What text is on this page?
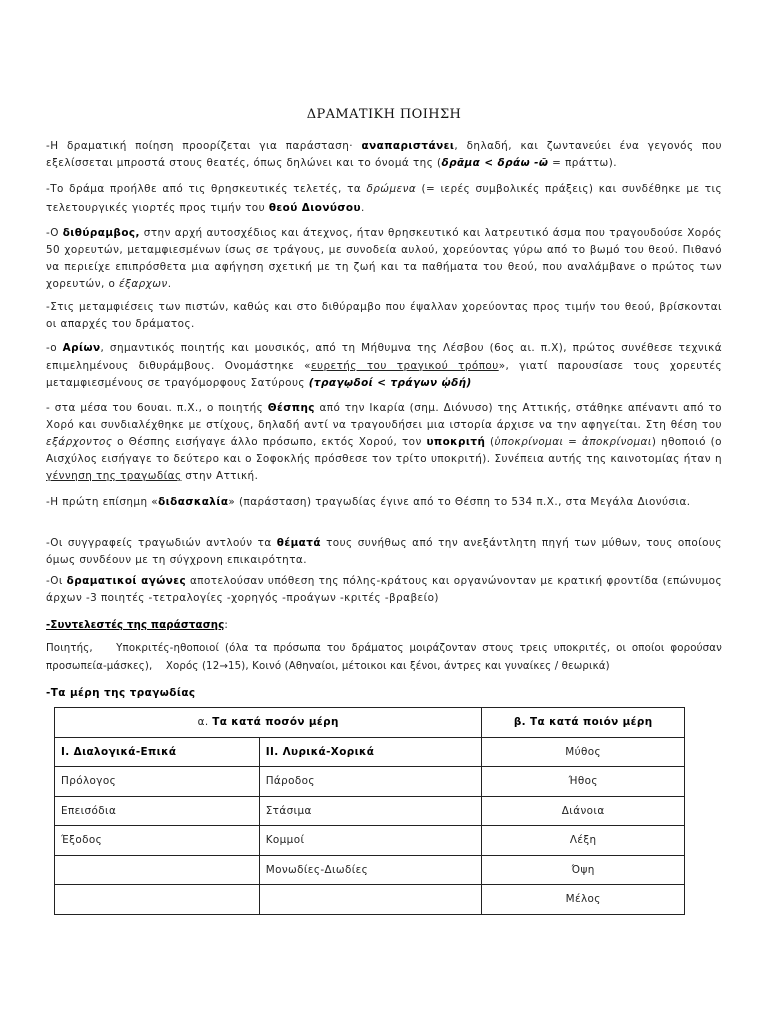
ΔΡΑΜΑΤΙΚΗ ΠΟΙΗΣΗ

-Η δραματική ποίηση προορίζεται για παράσταση· αναπαριστάνει, δηλαδή, και ζωντανεύει ένα γεγονός που εξελίσσεται μπροστά στους θεατές, όπως δηλώνει και το όνομά της (δρᾶμα < δράω -ῶ = πράττω).

-Το δράμα προήλθε από τις θρησκευτικές τελετές, τα δρώμενα (= ιερές συμβολικές πράξεις) και συνδέθηκε με τις τελετουργικές γιορτές προς τιμήν του θεού Διονύσου.

-Ο διθύραμβος, στην αρχή αυτοσχέδιος και άτεχνος, ήταν θρησκευτικό και λατρευτικό άσμα που τραγουδούσε Χορός 50 χορευτών, μεταμφιεσμένων ίσως σε τράγους, με συνοδεία αυλού, χορεύοντας γύρω από το βωμό του θεού. Πιθανό να περιείχε επιπρόσθετα μια αφήγηση σχετική με τη ζωή και τα παθήματα του θεού, που αναλάμβανε ο πρώτος των χορευτών, ο έξαρχων.

-Στις μεταμφιέσεις των πιστών, καθώς και στο διθύραμβο που έψαλλαν χορεύοντας προς τιμήν του θεού, βρίσκονται οι απαρχές του δράματος.

-ο Αρίων, σημαντικός ποιητής και μουσικός, από τη Μήθυμνα της Λέσβου (6ος αι. π.Χ), πρώτος συνέθεσε τεχνικά επιμελημένους διθυράμβους. Ονομάστηκε «ευρετής του τραγικού τρόπου», γιατί παρουσίασε τους χορευτές μεταμφιεσμένους σε τραγόμορφους Σατύρους (τραγῳδοί < τράγων ᾠδή)

- στα μέσα του 6ουαι. π.Χ., ο ποιητής Θέσπης από την Ικαρία (σημ. Διόνυσο) της Αττικής, στάθηκε απέναντι από το Χορό και συνδιαλέχθηκε με στίχους, δηλαδή αντί να τραγουδήσει μια ιστορία άρχισε να την αφηγείται. Στη θέση του εξάρχοντος ο Θέσπης εισήγαγε άλλο πρόσωπο, εκτός Χορού, τον υποκριτή (ὑποκρίνομαι = ἀποκρίνομαι) ηθοποιό (ο Αισχύλος εισήγαγε το δεύτερο και ο Σοφοκλής πρόσθεσε τον τρίτο υποκριτή). Συνέπεια αυτής της καινοτομίας ήταν η γέννηση της τραγωδίας στην Αττική.

-Η πρώτη επίσημη «διδασκαλία» (παράσταση) τραγωδίας έγινε από το Θέσπη το 534 π.Χ., στα Μεγάλα Διονύσια.

-Οι συγγραφείς τραγωδιών αντλούν τα θέματά τους συνήθως από την ανεξάντλητη πηγή των μύθων, τους οποίους όμως συνδέουν με τη σύγχρονη επικαιρότητα.

-Οι δραματικοί αγώνες αποτελούσαν υπόθεση της πόλης-κράτους και οργανώνονταν με κρατική φροντίδα (επώνυμος άρχων -3 ποιητές -τετραλογίες -χορηγός -προάγων -κριτές -βραβείο)

-Συντελεστές της παράστασης:

Ποιητής,    Υποκριτές-ηθοποιοί (όλα τα πρόσωπα του δράματος μοιράζονταν στους τρεις υποκριτές, οι οποίοι φορούσαν προσωπεία-μάσκες),    Χορός (12→15), Κοινό (Αθηναίοι, μέτοικοι και ξένοι, άντρες και γυναίκες / θεωρικά)

-Τα μέρη της τραγωδίας

α. Τα κατά ποσόν μέρη		β. Τα κατά ποιόν μέρη
Ι. Διαλογικά-Επικά	ΙΙ. Λυρικά-Χορικά	Μύθος
Πρόλογος	Πάροδος	Ήθος
Επεισόδια	Στάσιμα	Διάνοια
Έξοδος	Κομμοί	Λέξη
	Μονωδίες-Διωδίες	Όψη
		Μέλος
